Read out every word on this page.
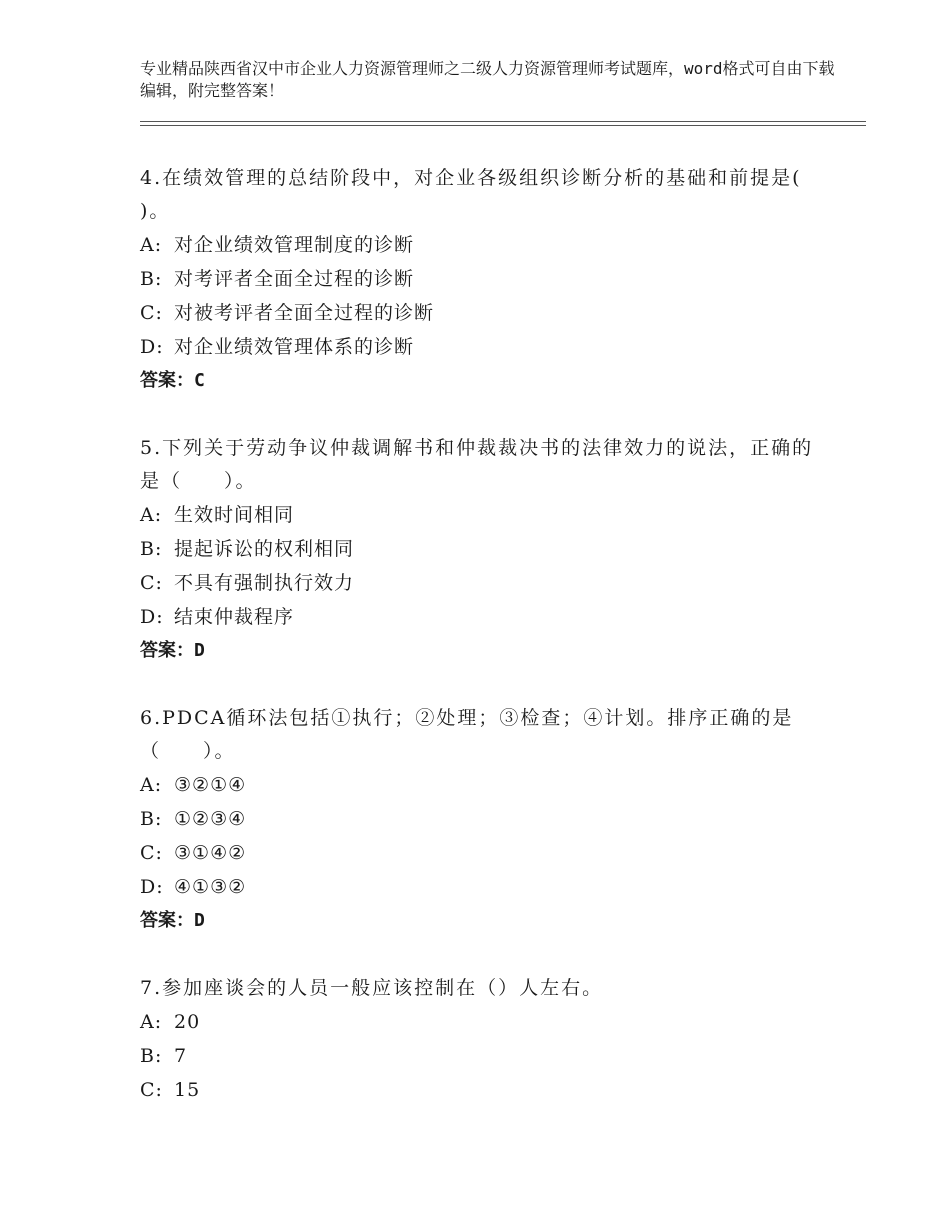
专业精品陕西省汉中市企业人力资源管理师之二级人力资源管理师考试题库，word格式可自由下载编辑，附完整答案！

4.在绩效管理的总结阶段中，对企业各级组织诊断分析的基础和前提是( )。

A: 对企业绩效管理制度的诊断
B: 对考评者全面全过程的诊断
C: 对被考评者全面全过程的诊断
D: 对企业绩效管理体系的诊断
答案：C

5.下列关于劳动争议仲裁调解书和仲裁裁决书的法律效力的说法，正确的是（　　）。

A: 生效时间相同
B: 提起诉讼的权利相同
C: 不具有强制执行效力
D: 结束仲裁程序
答案：D

6.PDCA循环法包括①执行；②处理；③检查；④计划。排序正确的是（　　）。

A: ③②①④
B: ①②③④
C: ③①④②
D: ④①③②
答案：D

7.参加座谈会的人员一般应该控制在（）人左右。

A: 20
B: 7
C: 15
